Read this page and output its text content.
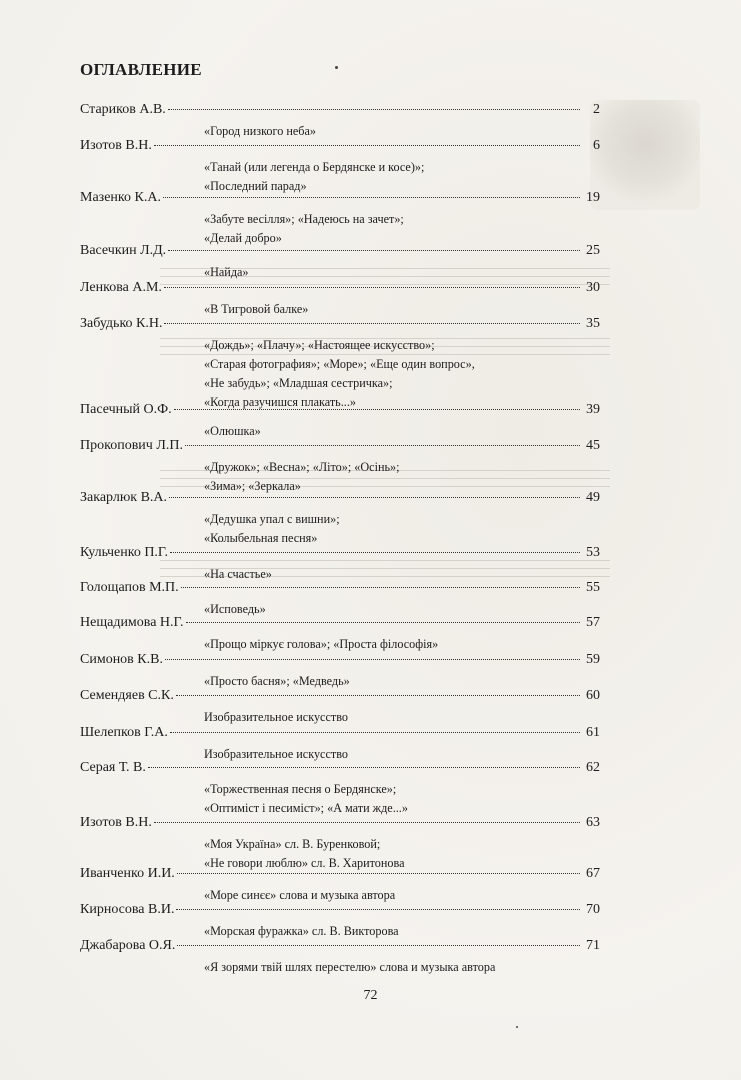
ОГЛАВЛЕНИЕ
Стариков А.В.	2
«Город низкого неба»
Изотов В.Н.	6
«Танай (или легенда о Бердянске и косе)»;
«Последний парад»
Мазенко К.А.	19
«Забуте весілля»; «Надеюсь на зачет»;
«Делай добро»
Васечкин Л.Д.	25
«Найда»
Ленкова А.М.	30
«В Тигровой балке»
Забудько К.Н.	35
«Дождь»; «Плачу»; «Настоящее искусство»;
«Старая фотография»; «Море»; «Еще один вопрос»,
«Не забудь»; «Младшая сестричка»;
«Когда разучишся плакать...»
Пасечный О.Ф.	39
«Олюшка»
Прокопович Л.П.	45
«Дружок»; «Весна»; «Літо»; «Осінь»;
«Зима»; «Зеркала»
Закарлюк В.А.	49
«Дедушка упал с вишни»;
«Колыбельная песня»
Кульченко П.Г.	53
«На счастье»
Голощапов М.П.	55
«Исповедь»
Нещадимова Н.Г.	57
«Прощо міркує голова»; «Проста філософія»
Симонов К.В.	59
«Просто басня»; «Медведь»
Семендяев С.К.	60
Изобразительное искусство
Шелепков Г.А.	61
Изобразительное искусство
Серая Т. В.	62
«Торжественная песня о Бердянске»;
«Оптиміст і песиміст»; «А мати жде...»
Изотов В.Н.	63
«Моя Україна» сл. В. Буренковой;
«Не говори люблю» сл. В. Харитонова
Иванченко И.И.	67
«Море синєє» слова и музыка автора
Кирносова В.И.	70
«Морская фуражка» сл. В. Викторова
Джабарова О.Я.	71
«Я зорями твій шлях перестелю» слова и музыка автора
72
